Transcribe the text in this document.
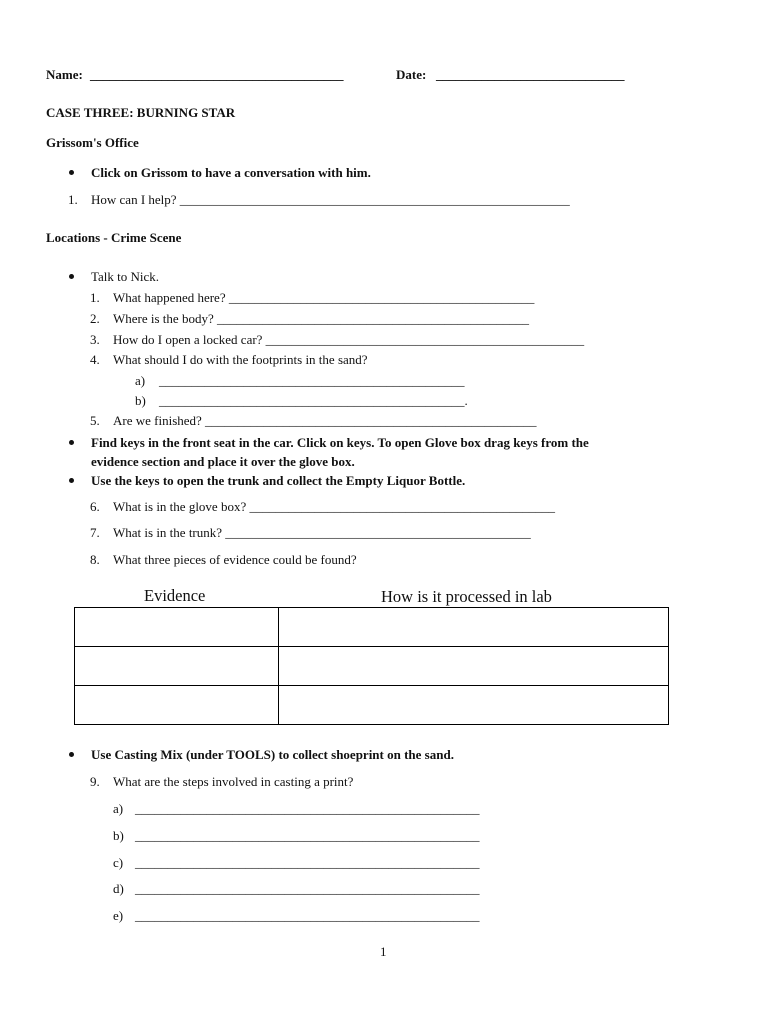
Name: _______________________________________	Date: _____________________________
CASE THREE: BURNING STAR
Grissom's Office
Click on Grissom to have a conversation with him.
1. How can I help? ____________________________________________________________
Locations - Crime Scene
Talk to Nick.
1. What happened here? _______________________________________________
2. Where is the body? ________________________________________________
3. How do I open a locked car? _________________________________________________
4. What should I do with the footprints in the sand?
a) _______________________________________________
b) _______________________________________________.
5. Are we finished? ___________________________________________________
Find keys in the front seat in the car. Click on keys. To open Glove box drag keys from the
evidence section and place it over the glove box.
Use the keys to open the trunk and collect the Empty Liquor Bottle.
6. What is in the glove box? _______________________________________________
7. What is in the trunk? _______________________________________________
8. What three pieces of evidence could be found?
Evidence	How is it processed in lab

Use Casting Mix (under TOOLS) to collect shoeprint on the sand.
9. What are the steps involved in casting a print?
a) _____________________________________________________
b) _____________________________________________________
c) _____________________________________________________
d) _____________________________________________________
e) _____________________________________________________
1
